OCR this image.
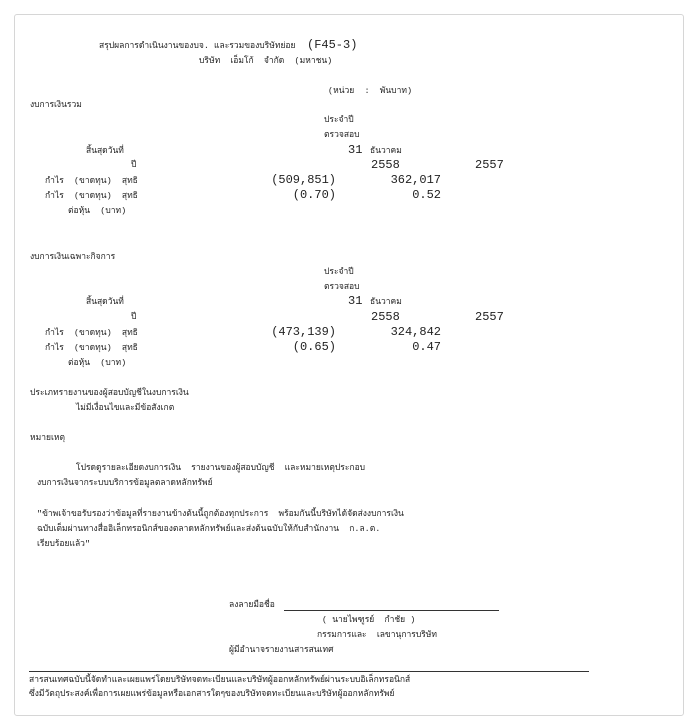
สรุปผลการดำเนินงานของบจ. และรวมของบริษัทย่อย (F45-3)
บริษัท  เอ็มโก้  จำกัด  (มหาชน)
(หน่วย  :  พันบาท)
งบการเงินรวม
ประจำปี
ตรวจสอบ
31 ธันวาคม
สิ้นสุดวันที่
ปี	2558	2557
กำไร  (ขาดทุน)  สุทธิ	(509,851)	362,017
กำไร  (ขาดทุน)  สุทธิ	(0.70)	0.52
ต่อหุ้น  (บาท)
งบการเงินเฉพาะกิจการ
ประจำปี
ตรวจสอบ
31 ธันวาคม
สิ้นสุดวันที่
ปี	2558	2557
กำไร  (ขาดทุน)  สุทธิ	(473,139)	324,842
กำไร  (ขาดทุน)  สุทธิ	(0.65)	0.47
ต่อหุ้น  (บาท)
ประเภทรายงานของผู้สอบบัญชีในงบการเงิน
ไม่มีเงื่อนไขและมีข้อสังเกต
หมายเหตุ
โปรดดูรายละเอียดงบการเงิน  รายงานของผู้สอบบัญชี  และหมายเหตุประกอบ
งบการเงินจากระบบบริการข้อมูลตลาดหลักทรัพย์
"ข้าพเจ้าขอรับรองว่าข้อมูลที่รายงานข้างต้นนี้ถูกต้องทุกประการ  พร้อมกันนี้บริษัทได้จัดส่งงบการเงิน
ฉบับเต็มผ่านทางสื่ออิเล็กทรอนิกส์ของตลาดหลักทรัพย์และส่งต้นฉบับให้กับสำนักงาน  ก.ล.ต.
เรียบร้อยแล้ว"
ลงลายมือชื่อ
( นายไพฑูรย์  กำชัย )
กรรมการและ  เลขานุการบริษัท
ผู้มีอำนาจรายงานสารสนเทศ
สารสนเทศฉบับนี้จัดทำและเผยแพร่โดยบริษัทจดทะเบียนและบริษัทผู้ออกหลักทรัพย์ผ่านระบบอิเล็กทรอนิกส์
ซึ่งมีวัตถุประสงค์เพื่อการเผยแพร่ข้อมูลหรือเอกสารใดๆของบริษัทจดทะเบียนและบริษัทผู้ออกหลักทรัพย์
